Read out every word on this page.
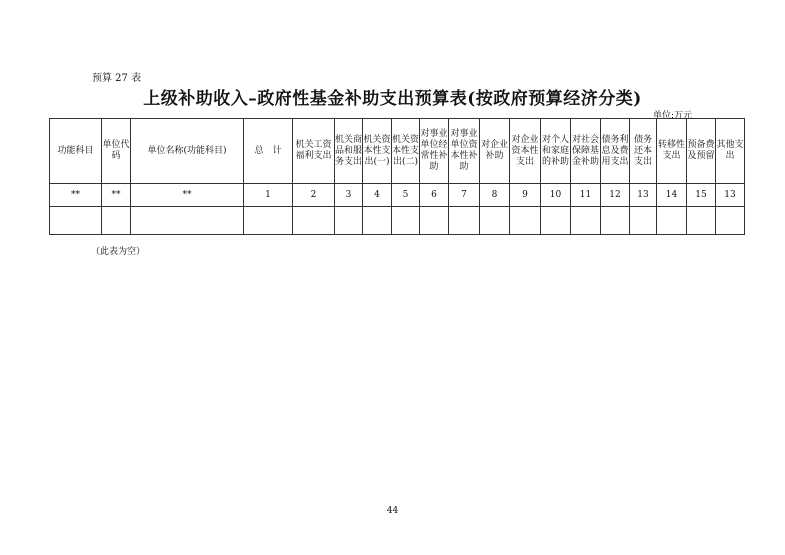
预算 27 表
上级补助收入–政府性基金补助支出预算表(按政府预算经济分类)
单位:万元
功能科目	单位代码	单位名称(功能科目)	总　计	机关工资福利支出	机关商品和服务支出	机关资本性支出(一)	机关资本性支出(二)	对事业单位经常性补助	对事业单位资本性补助	对企业补助	对企业资本性支出	对个人和家庭的补助	对社会保障基金补助	债务利息及费用支出	债务还本支出	转移性支出	预备费及预留	其他支出
**	**	**	1	2	3	4	5	6	7	8	9	10	11	12	13	14	15	13

（此表为空）
44
